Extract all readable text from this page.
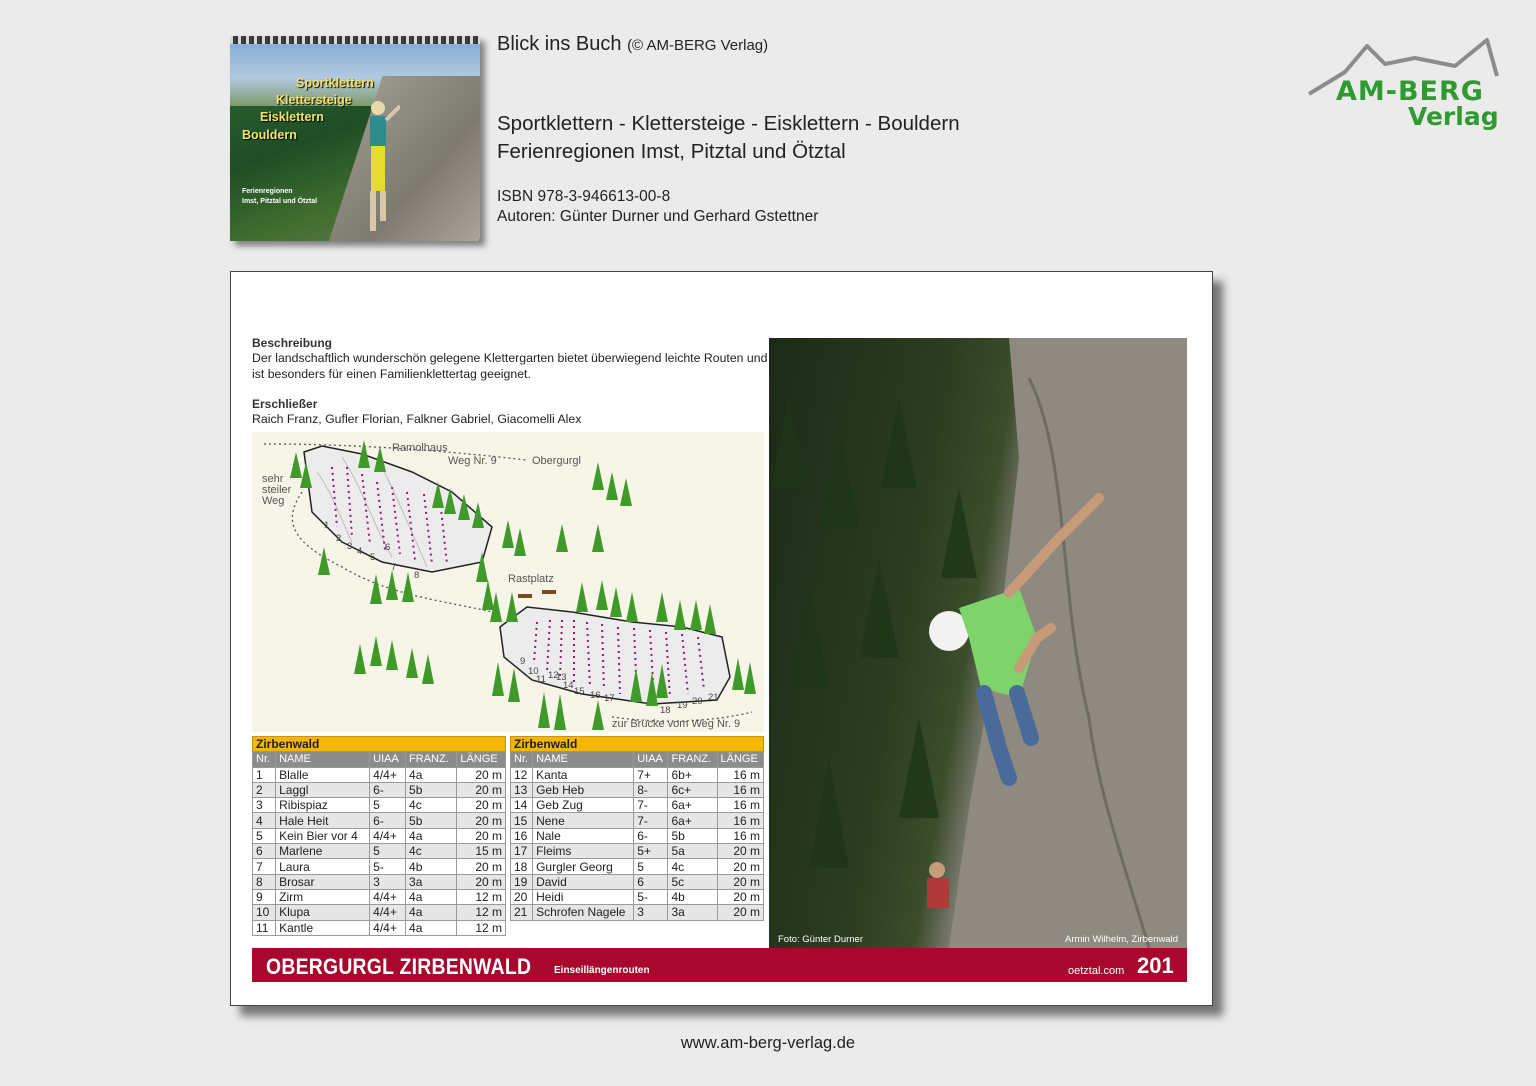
Sportklettern
Klettersteige
Eisklettern
Bouldern
Ferienregionen
Imst, Pitztal und Ötztal
Blick ins Buch (© AM-BERG Verlag)
Sportklettern - Klettersteige - Eisklettern - Bouldern
Ferienregionen Imst, Pitztal und Ötztal
ISBN 978-3-946613-00-8
Autoren: Günter Durner und Gerhard Gstettner
AM-BERG
Verlag
Beschreibung
Der landschaftlich wunderschön gelegene Klettergarten bietet überwiegend leichte Routen und ist besonders für einen Familienklettertag geeignet.
Erschließer
Raich Franz, Gufler Florian, Falkner Gabriel, Giacomelli Alex
Ramolhaus
Weg Nr. 9	Obergurgl
sehr
steiler
Weg
Rastplatz
zur Brücke vom Weg Nr. 9
1
2
3 4
5
6
7
8
9
10
11 12
13
14
15 16 17
18 19 20 21
Zirbenwald				
Nr.	NAME	UIAA	FRANZ.	LÄNGE
1	Blalle	4/4+	4a	20 m
2	Laggl	6-	5b	20 m
3	Ribispiaz	5	4c	20 m
4	Hale Heit	6-	5b	20 m
5	Kein Bier vor 4	4/4+	4a	20 m
6	Marlene	5	4c	15 m
7	Laura	5-	4b	20 m
8	Brosar	3	3a	20 m
9	Zirm	4/4+	4a	12 m
10	Klupa	4/4+	4a	12 m
11	Kantle	4/4+	4a	12 m
Zirbenwald				
Nr.	NAME	UIAA	FRANZ.	LÄNGE
12	Kanta	7+	6b+	16 m
13	Geb Heb	8-	6c+	16 m
14	Geb Zug	7-	6a+	16 m
15	Nene	7-	6a+	16 m
16	Nale	6-	5b	16 m
17	Fleims	5+	5a	20 m
18	Gurgler Georg	5	4c	20 m
19	David	6	5c	20 m
20	Heidi	5-	4b	20 m
21	Schrofen Nagele	3	3a	20 m
Foto: Günter Durner	Armin Wilhelm, Zirbenwald
OBERGURGL ZIRBENWALD Einseillängenrouten	oetztal.com 201
www.am-berg-verlag.de
